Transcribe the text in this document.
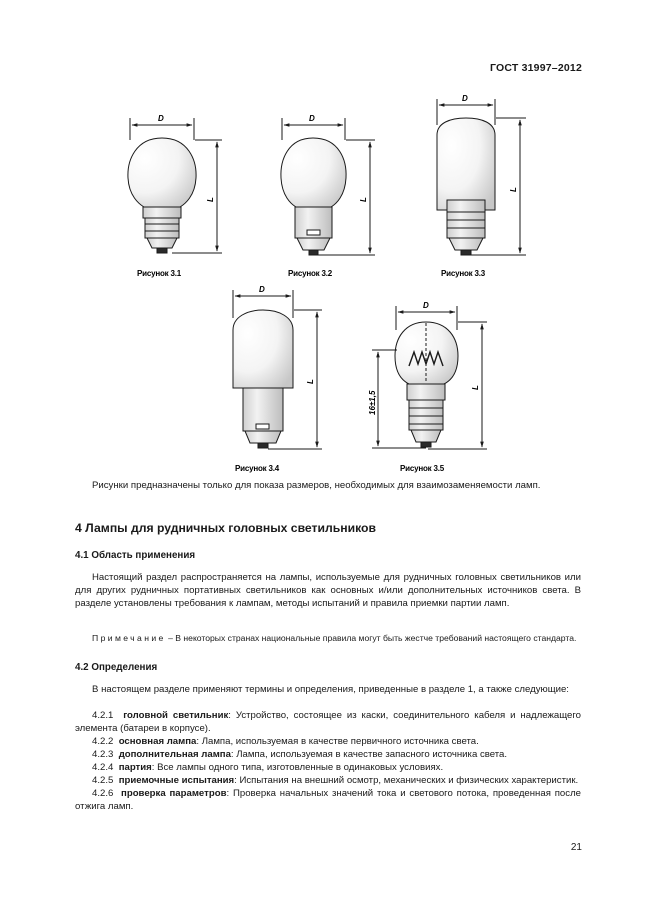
ГОСТ 31997–2012
D	D
D
D
D
L	L
L
L
L
16±1,5
Рисунок 3.1	Рисунок 3.2	Рисунок 3.3
Рисунок 3.4	Рисунок 3.5
Рисунки предназначены только для показа размеров, необходимых для взаимозаменяемости ламп.
4 Лампы для рудничных головных светильников
4.1 Область применения
Настоящий раздел распространяется на лампы, используемые для рудничных головных светильников или для других рудничных портативных светильников как основных и/или дополнительных источников света. В разделе установлены требования к лампам, методы испытаний и правила приемки партии ламп.
Примечание – В некоторых странах национальные правила могут быть жестче требований настоящего стандарта.
4.2 Определения
В настоящем разделе применяют термины и определения, приведенные в разделе 1, а также следующие:
4.2.1 головной светильник: Устройство, состоящее из каски, соединительного кабеля и надлежащего элемента (батареи в корпусе).
4.2.2 основная лампа: Лампа, используемая в качестве первичного источника света.
4.2.3 дополнительная лампа: Лампа, используемая в качестве запасного источника света.
4.2.4 партия: Все лампы одного типа, изготовленные в одинаковых условиях.
4.2.5 приемочные испытания: Испытания на внешний осмотр, механических и физических характеристик.
4.2.6 проверка параметров: Проверка начальных значений тока и светового потока, проведенная после отжига ламп.
21
